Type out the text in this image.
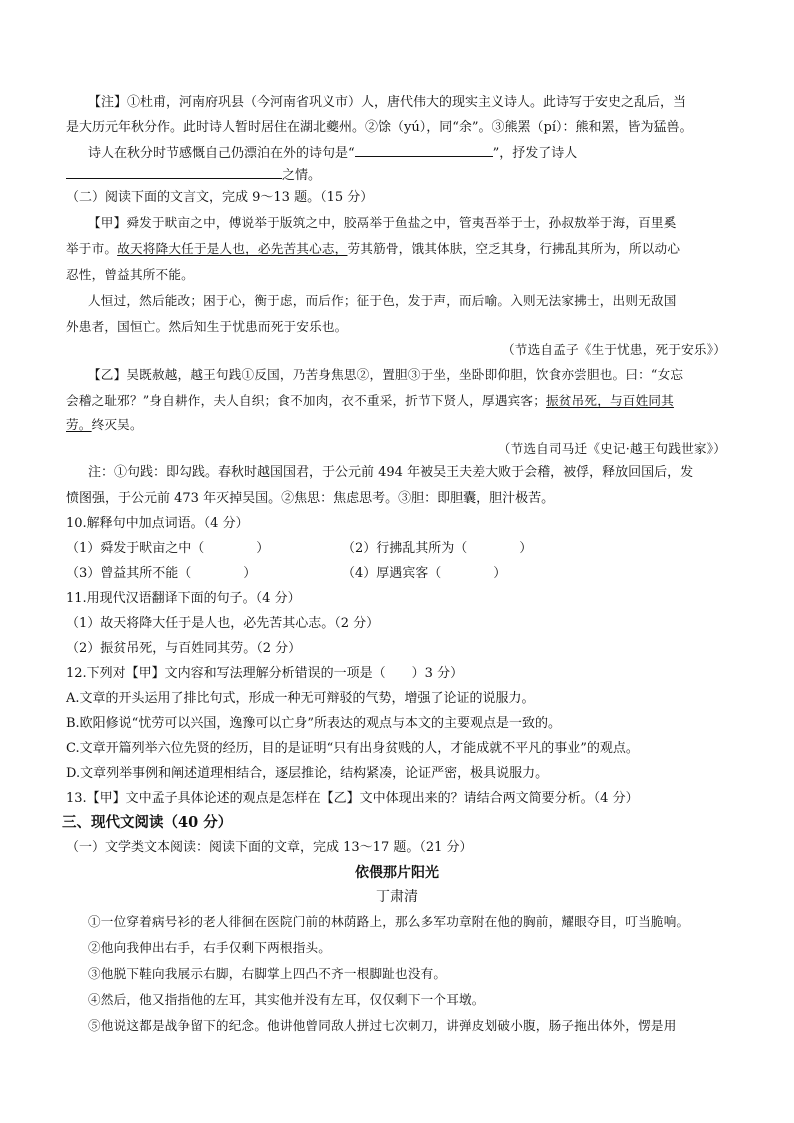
【注】①杜甫，河南府巩县（今河南省巩义市）人，唐代伟大的现实主义诗人。此诗写于安史之乱后，当
是大历元年秋分作。此时诗人暂时居住在湖北夔州。②馀（yú），同“余”。③熊罴（pí）：熊和罴，皆为猛兽。
诗人在秋分时节感慨自己仍漂泊在外的诗句是“	”，抒发了诗人
之情。
（二）阅读下面的文言文，完成 9～13 题。（15 分）
【甲】舜发于畎亩之中，傅说举于版筑之中，胶鬲举于鱼盐之中，管夷吾举于士，孙叔敖举于海，百里奚
举于市。故天将降大任于是人也，必先苦其心志，劳其筋骨，饿其体肤，空乏其身，行拂乱其所为，所以动心
忍性，曾益其所不能。
人恒过，然后能改；困于心，衡于虑，而后作；征于色，发于声，而后喻。入则无法家拂士，出则无敌国
外患者，国恒亡。然后知生于忧患而死于安乐也。
（节选自孟子《生于忧患，死于安乐》）
【乙】吴既赦越，越王句践①反国，乃苦身焦思②，置胆③于坐，坐卧即仰胆，饮食亦尝胆也。曰：“女忘
会稽之耻邪？”身自耕作，夫人自织；食不加肉，衣不重采，折节下贤人，厚遇宾客；振贫吊死，与百姓同其
劳。终灭吴。
（节选自司马迁《史记·越王句践世家》）
注：①句践：即勾践。春秋时越国国君，于公元前 494 年被吴王夫差大败于会稽，被俘，释放回国后，发
愤图强，于公元前 473 年灭掉吴国。②焦思：焦虑思考。③胆：即胆囊，胆汁极苦。
10.解释句中加点词语。（4 分）
（1）舜发于畎亩之中（　　　　）	（2）行拂乱其所为（　　　　）
（3）曾益其所不能（　　　　）	（4）厚遇宾客（　　　　）
11.用现代汉语翻译下面的句子。（4 分）
（1）故天将降大任于是人也，必先苦其心志。（2 分）
（2）振贫吊死，与百姓同其劳。（2 分）
12.下列对【甲】文内容和写法理解分析错误的一项是（　　）3 分）
A.文章的开头运用了排比句式，形成一种无可辩驳的气势，增强了论证的说服力。
B.欧阳修说“忧劳可以兴国，逸豫可以亡身”所表达的观点与本文的主要观点是一致的。
C.文章开篇列举六位先贤的经历，目的是证明“只有出身贫贱的人，才能成就不平凡的事业”的观点。
D.文章列举事例和阐述道理相结合，逐层推论，结构紧凑，论证严密，极具说服力。
13.【甲】文中孟子具体论述的观点是怎样在【乙】文中体现出来的？请结合两文简要分析。（4 分）
三、现代文阅读（40 分）
（一）文学类文本阅读：阅读下面的文章，完成 13～17 题。（21 分）
依偎那片阳光
丁肃清
①一位穿着病号衫的老人徘徊在医院门前的林荫路上，那么多军功章附在他的胸前，耀眼夺目，叮当脆响。
②他向我伸出右手，右手仅剩下两根指头。
③他脱下鞋向我展示右脚，右脚掌上四凸不齐一根脚趾也没有。
④然后，他又指指他的左耳，其实他并没有左耳，仅仅剩下一个耳墩。
⑤他说这都是战争留下的纪念。他讲他曾同敌人拼过七次刺刀，讲弹皮划破小腹，肠子拖出体外，愣是用
